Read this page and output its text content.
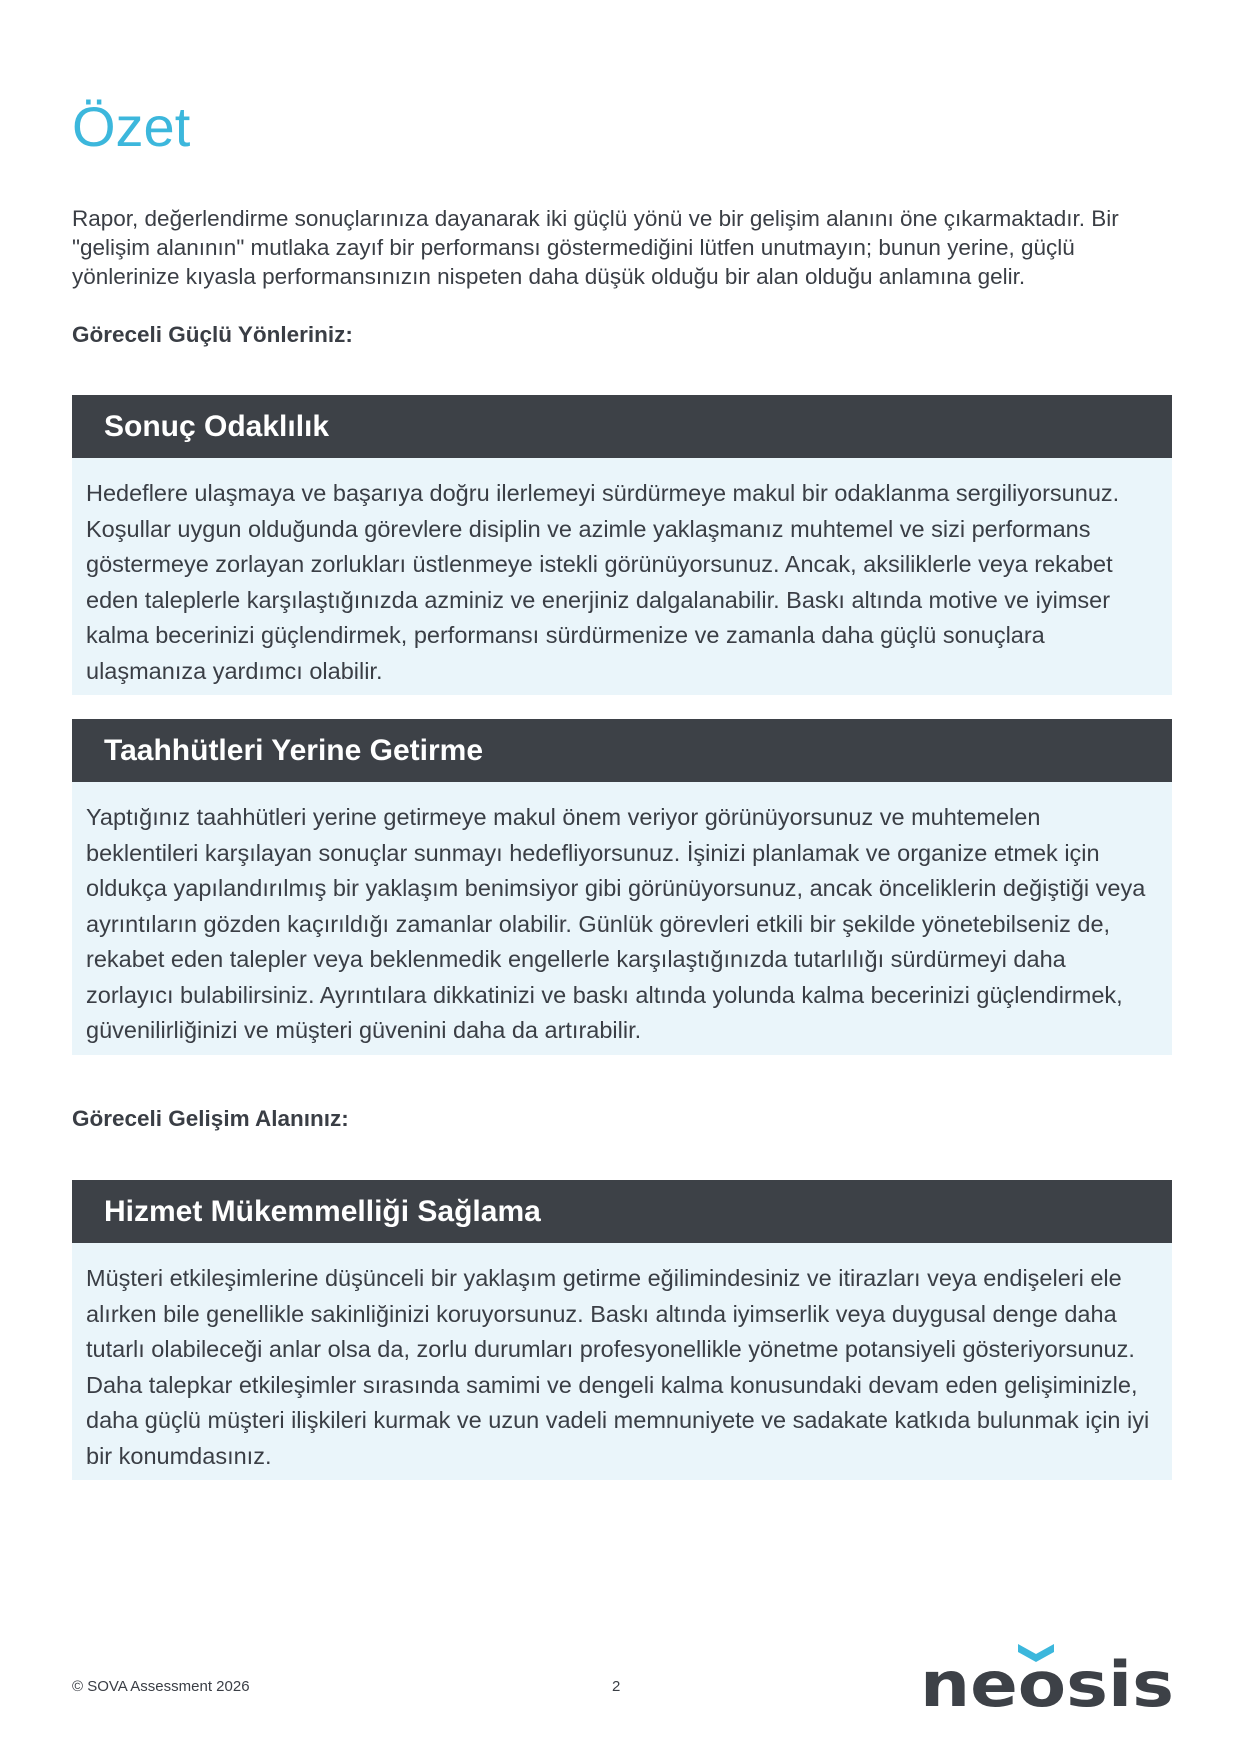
Özet

Rapor, değerlendirme sonuçlarınıza dayanarak iki güçlü yönü ve bir gelişim alanını öne çıkarmaktadır. Bir "gelişim alanının" mutlaka zayıf bir performansı göstermediğini lütfen unutmayın; bunun yerine, güçlü yönlerinize kıyasla performansınızın nispeten daha düşük olduğu bir alan olduğu anlamına gelir.

Göreceli Güçlü Yönleriniz:

Sonuç Odaklılık
Hedeflere ulaşmaya ve başarıya doğru ilerlemeyi sürdürmeye makul bir odaklanma sergiliyorsunuz. Koşullar uygun olduğunda görevlere disiplin ve azimle yaklaşmanız muhtemel ve sizi performans göstermeye zorlayan zorlukları üstlenmeye istekli görünüyorsunuz. Ancak, aksiliklerle veya rekabet eden taleplerle karşılaştığınızda azminiz ve enerjiniz dalgalanabilir. Baskı altında motive ve iyimser kalma becerinizi güçlendirmek, performansı sürdürmenize ve zamanla daha güçlü sonuçlara ulaşmanıza yardımcı olabilir.
Taahhütleri Yerine Getirme
Yaptığınız taahhütleri yerine getirmeye makul önem veriyor görünüyorsunuz ve muhtemelen beklentileri karşılayan sonuçlar sunmayı hedefliyorsunuz. İşinizi planlamak ve organize etmek için oldukça yapılandırılmış bir yaklaşım benimsiyor gibi görünüyorsunuz, ancak önceliklerin değiştiği veya ayrıntıların gözden kaçırıldığı zamanlar olabilir. Günlük görevleri etkili bir şekilde yönetebilseniz de, rekabet eden talepler veya beklenmedik engellerle karşılaştığınızda tutarlılığı sürdürmeyi daha zorlayıcı bulabilirsiniz. Ayrıntılara dikkatinizi ve baskı altında yolunda kalma becerinizi güçlendirmek, güvenilirliğinizi ve müşteri güvenini daha da artırabilir.

Göreceli Gelişim Alanınız:

Hizmet Mükemmelliği Sağlama
Müşteri etkileşimlerine düşünceli bir yaklaşım getirme eğilimindesiniz ve itirazları veya endişeleri ele alırken bile genellikle sakinliğinizi koruyorsunuz. Baskı altında iyimserlik veya duygusal denge daha tutarlı olabileceği anlar olsa da, zorlu durumları profesyonellikle yönetme potansiyeli gösteriyorsunuz. Daha talepkar etkileşimler sırasında samimi ve dengeli kalma konusundaki devam eden gelişiminizle, daha güçlü müşteri ilişkileri kurmak ve uzun vadeli memnuniyete ve sadakate katkıda bulunmak için iyi bir konumdasınız.
© SOVA Assessment 2026	2	neosis
